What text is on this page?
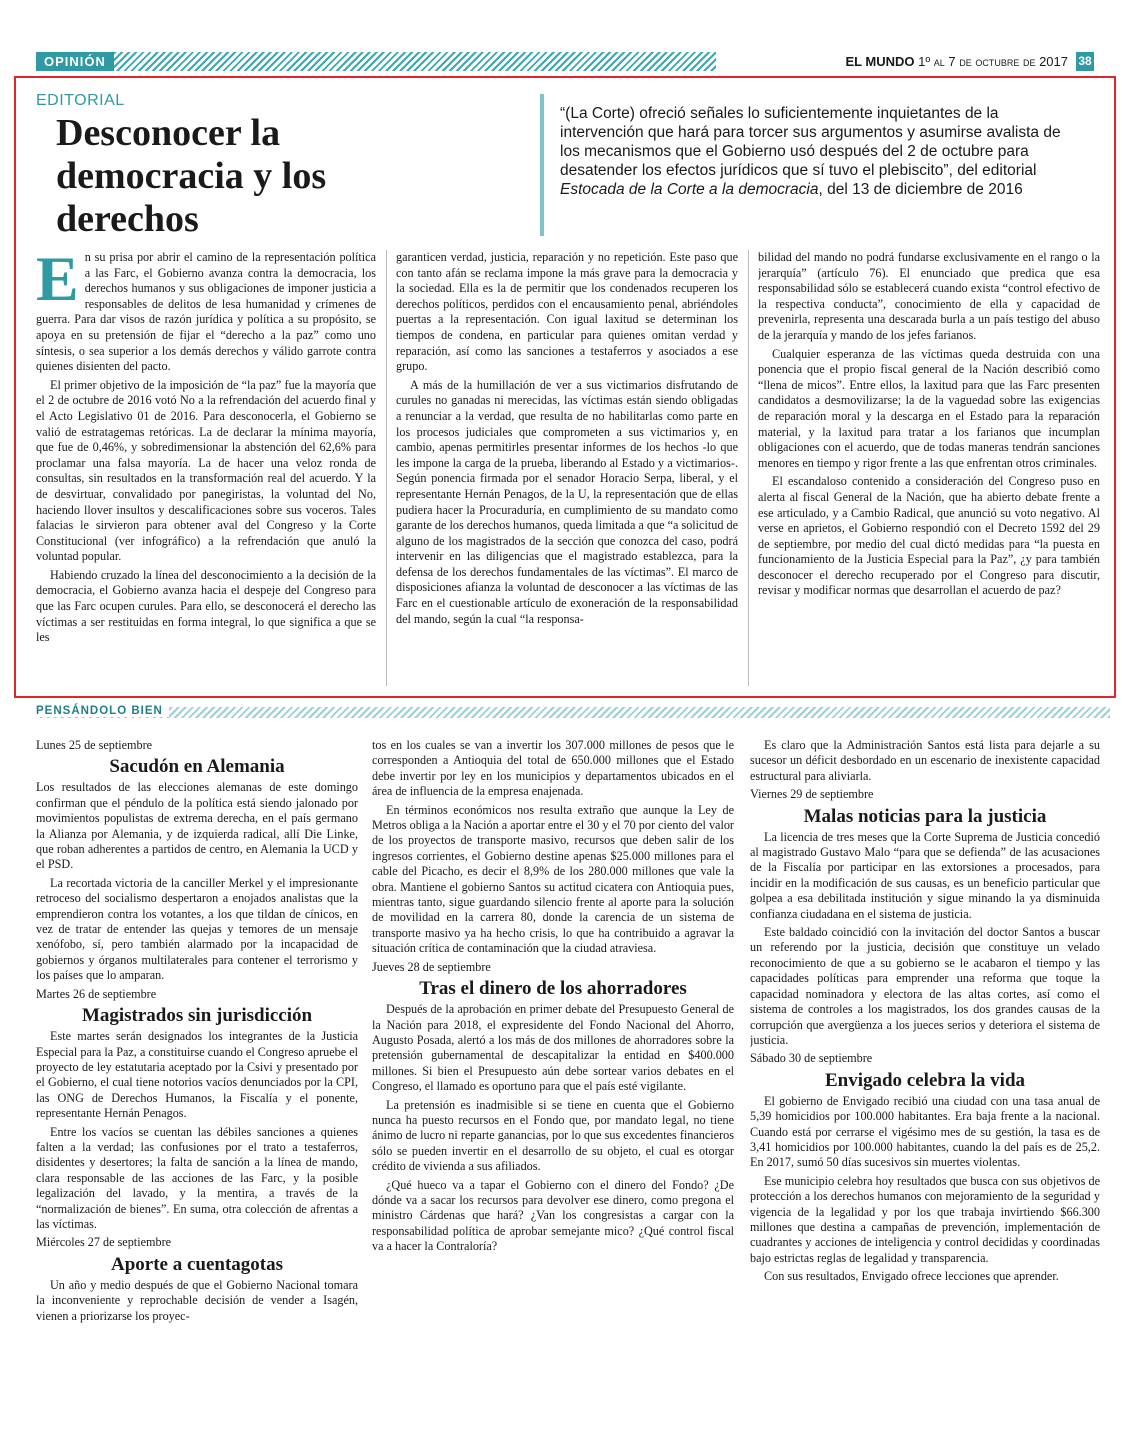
OPINIÓN	EL MUNDO 1º al 7 de octubre de 2017 38
EDITORIAL
Desconocer la democracia y los derechos
“(La Corte) ofreció señales lo suficientemente inquietantes de la intervención que hará para torcer sus argumentos y asumirse avalista de los mecanismos que el Gobierno usó después del 2 de octubre para desatender los efectos jurídicos que sí tuvo el plebiscito”, del editorial Estocada de la Corte a la democracia, del 13 de diciembre de 2016

En su prisa por abrir el camino de la representación política a las Farc, el Gobierno avanza contra la democracia, los derechos humanos y sus obligaciones de imponer justicia a responsables de delitos de lesa humanidad y crímenes de guerra. Para dar visos de razón jurídica y política a su propósito, se apoya en su pretensión de fijar el “derecho a la paz” como uno síntesis, o sea superior a los demás derechos y válido garrote contra quienes disienten del pacto.

El primer objetivo de la imposición de “la paz” fue la mayoría que el 2 de octubre de 2016 votó No a la refrendación del acuerdo final y el Acto Legislativo 01 de 2016. Para desconocerla, el Gobierno se valió de estratagemas retóricas. La de declarar la mínima mayoría, que fue de 0,46%, y sobredimensionar la abstención del 62,6% para proclamar una falsa mayoría. La de hacer una veloz ronda de consultas, sin resultados en la transformación real del acuerdo. Y la de desvirtuar, convalidado por panegiristas, la voluntad del No, haciendo llover insultos y descalificaciones sobre sus voceros. Tales falacias le sirvieron para obtener aval del Congreso y la Corte Constitucional (ver infográfico) a la refrendación que anuló la voluntad popular.

Habiendo cruzado la línea del desconocimiento a la decisión de la democracia, el Gobierno avanza hacia el despeje del Congreso para que las Farc ocupen curules. Para ello, se desconocerá el derecho las víctimas a ser restituidas en forma integral, lo que significa a que se les

garanticen verdad, justicia, reparación y no repetición. Este paso que con tanto afán se reclama impone la más grave para la democracia y la sociedad. Ella es la de permitir que los condenados recuperen los derechos políticos, perdidos con el encausamiento penal, abriéndoles puertas a la representación. Con igual laxitud se determinan los tiempos de condena, en particular para quienes omitan verdad y reparación, así como las sanciones a testaferros y asociados a ese grupo.

A más de la humillación de ver a sus victimarios disfrutando de curules no ganadas ni merecidas, las víctimas están siendo obligadas a renunciar a la verdad, que resulta de no habilitarlas como parte en los procesos judiciales que comprometen a sus victimarios y, en cambio, apenas permitirles presentar informes de los hechos -lo que les impone la carga de la prueba, liberando al Estado y a victimarios-. Según ponencia firmada por el senador Horacio Serpa, liberal, y el representante Hernán Penagos, de la U, la representación que de ellas pudiera hacer la Procuraduría, en cumplimiento de su mandato como garante de los derechos humanos, queda limitada a que “a solicitud de alguno de los magistrados de la sección que conozca del caso, podrá intervenir en las diligencias que el magistrado establezca, para la defensa de los derechos fundamentales de las víctimas”. El marco de disposiciones afianza la voluntad de desconocer a las víctimas de las Farc en el cuestionable artículo de exoneración de la responsabilidad del mando, según la cual “la responsa-

bilidad del mando no podrá fundarse exclusivamente en el rango o la jerarquía” (artículo 76). El enunciado que predica que esa responsabilidad sólo se establecerá cuando exista “control efectivo de la respectiva conducta”, conocimiento de ella y capacidad de prevenirla, representa una descarada burla a un país testigo del abuso de la jerarquía y mando de los jefes farianos.

Cualquier esperanza de las víctimas queda destruida con una ponencia que el propio fiscal general de la Nación describió como “llena de micos”. Entre ellos, la laxitud para que las Farc presenten candidatos a desmovilizarse; la de la vaguedad sobre las exigencias de reparación moral y la descarga en el Estado para la reparación material, y la laxitud para tratar a los farianos que incumplan obligaciones con el acuerdo, que de todas maneras tendrán sanciones menores en tiempo y rigor frente a las que enfrentan otros criminales.

El escandaloso contenido a consideración del Congreso puso en alerta al fiscal General de la Nación, que ha abierto debate frente a ese articulado, y a Cambio Radical, que anunció su voto negativo. Al verse en aprietos, el Gobierno respondió con el Decreto 1592 del 29 de septiembre, por medio del cual dictó medidas para “la puesta en funcionamiento de la Justicia Especial para la Paz”, ¿y para también desconocer el derecho recuperado por el Congreso para discutir, revisar y modificar normas que desarrollan el acuerdo de paz?

PENSÁNDOLO BIEN

Lunes 25 de septiembre

Sacudón en Alemania

Los resultados de las elecciones alemanas de este domingo confirman que el péndulo de la política está siendo jalonado por movimientos populistas de extrema derecha, en el país germano la Alianza por Alemania, y de izquierda radical, allí Die Linke, que roban adherentes a partidos de centro, en Alemania la UCD y el PSD.

La recortada victoria de la canciller Merkel y el impresionante retroceso del socialismo despertaron a enojados analistas que la emprendieron contra los votantes, a los que tildan de cínicos, en vez de tratar de entender las quejas y temores de un mensaje xenófobo, sí, pero también alarmado por la incapacidad de gobiernos y órganos multilaterales para contener el terrorismo y los países que lo amparan.

Martes 26 de septiembre

Magistrados sin jurisdicción

Este martes serán designados los integrantes de la Justicia Especial para la Paz, a constituirse cuando el Congreso apruebe el proyecto de ley estatutaria aceptado por la Csivi y presentado por el Gobierno, el cual tiene notorios vacíos denunciados por la CPI, las ONG de Derechos Humanos, la Fiscalía y el ponente, representante Hernán Penagos.

Entre los vacíos se cuentan las débiles sanciones a quienes falten a la verdad; las confusiones por el trato a testaferros, disidentes y desertores; la falta de sanción a la línea de mando, clara responsable de las acciones de las Farc, y la posible legalización del lavado, y la mentira, a través de la “normalización de bienes”. En suma, otra colección de afrentas a las víctimas.

Miércoles 27 de septiembre

Aporte a cuentagotas

Un año y medio después de que el Gobierno Nacional tomara la inconveniente y reprochable decisión de vender a Isagén, vienen a priorizarse los proyec-

tos en los cuales se van a invertir los 307.000 millones de pesos que le corresponden a Antioquia del total de 650.000 millones que el Estado debe invertir por ley en los municipios y departamentos ubicados en el área de influencia de la empresa enajenada.

En términos económicos nos resulta extraño que aunque la Ley de Metros obliga a la Nación a aportar entre el 30 y el 70 por ciento del valor de los proyectos de transporte masivo, recursos que deben salir de los ingresos corrientes, el Gobierno destine apenas $25.000 millones para el cable del Picacho, es decir el 8,9% de los 280.000 millones que vale la obra. Mantiene el gobierno Santos su actitud cicatera con Antioquia pues, mientras tanto, sigue guardando silencio frente al aporte para la solución de movilidad en la carrera 80, donde la carencia de un sistema de transporte masivo ya ha hecho crisis, lo que ha contribuido a agravar la situación crítica de contaminación que la ciudad atraviesa.

Jueves 28 de septiembre

Tras el dinero de los ahorradores

Después de la aprobación en primer debate del Presupuesto General de la Nación para 2018, el expresidente del Fondo Nacional del Ahorro, Augusto Posada, alertó a los más de dos millones de ahorradores sobre la pretensión gubernamental de descapitalizar la entidad en $400.000 millones. Si bien el Presupuesto aún debe sortear varios debates en el Congreso, el llamado es oportuno para que el país esté vigilante.

La pretensión es inadmisible si se tiene en cuenta que el Gobierno nunca ha puesto recursos en el Fondo que, por mandato legal, no tiene ánimo de lucro ni reparte ganancias, por lo que sus excedentes financieros sólo se pueden invertir en el desarrollo de su objeto, el cual es otorgar crédito de vivienda a sus afiliados.

¿Qué hueco va a tapar el Gobierno con el dinero del Fondo? ¿De dónde va a sacar los recursos para devolver ese dinero, como pregona el ministro Cárdenas que hará? ¿Van los congresistas a cargar con la responsabilidad política de aprobar semejante mico? ¿Qué control fiscal va a hacer la Contraloría?

Es claro que la Administración Santos está lista para dejarle a su sucesor un déficit desbordado en un escenario de inexistente capacidad estructural para aliviarla.

Viernes 29 de septiembre

Malas noticias para la justicia

La licencia de tres meses que la Corte Suprema de Justicia concedió al magistrado Gustavo Malo “para que se defienda” de las acusaciones de la Fiscalía por participar en las extorsiones a procesados, para incidir en la modificación de sus causas, es un beneficio particular que golpea a esa debilitada institución y sigue minando la ya disminuida confianza ciudadana en el sistema de justicia.

Este baldado coincidió con la invitación del doctor Santos a buscar un referendo por la justicia, decisión que constituye un velado reconocimiento de que a su gobierno se le acabaron el tiempo y las capacidades políticas para emprender una reforma que toque la capacidad nominadora y electora de las altas cortes, así como el sistema de controles a los magistrados, los dos grandes causas de la corrupción que avergüenza a los jueces serios y deteriora el sistema de justicia.

Sábado 30 de septiembre

Envigado celebra la vida

El gobierno de Envigado recibió una ciudad con una tasa anual de 5,39 homicidios por 100.000 habitantes. Era baja frente a la nacional. Cuando está por cerrarse el vigésimo mes de su gestión, la tasa es de 3,41 homicidios por 100.000 habitantes, cuando la del país es de 25,2. En 2017, sumó 50 días sucesivos sin muertes violentas.

Ese municipio celebra hoy resultados que busca con sus objetivos de protección a los derechos humanos con mejoramiento de la seguridad y vigencia de la legalidad y por los que trabaja invirtiendo $66.300 millones que destina a campañas de prevención, implementación de cuadrantes y acciones de inteligencia y control decididas y coordinadas bajo estrictas reglas de legalidad y transparencia.

Con sus resultados, Envigado ofrece lecciones que aprender.
